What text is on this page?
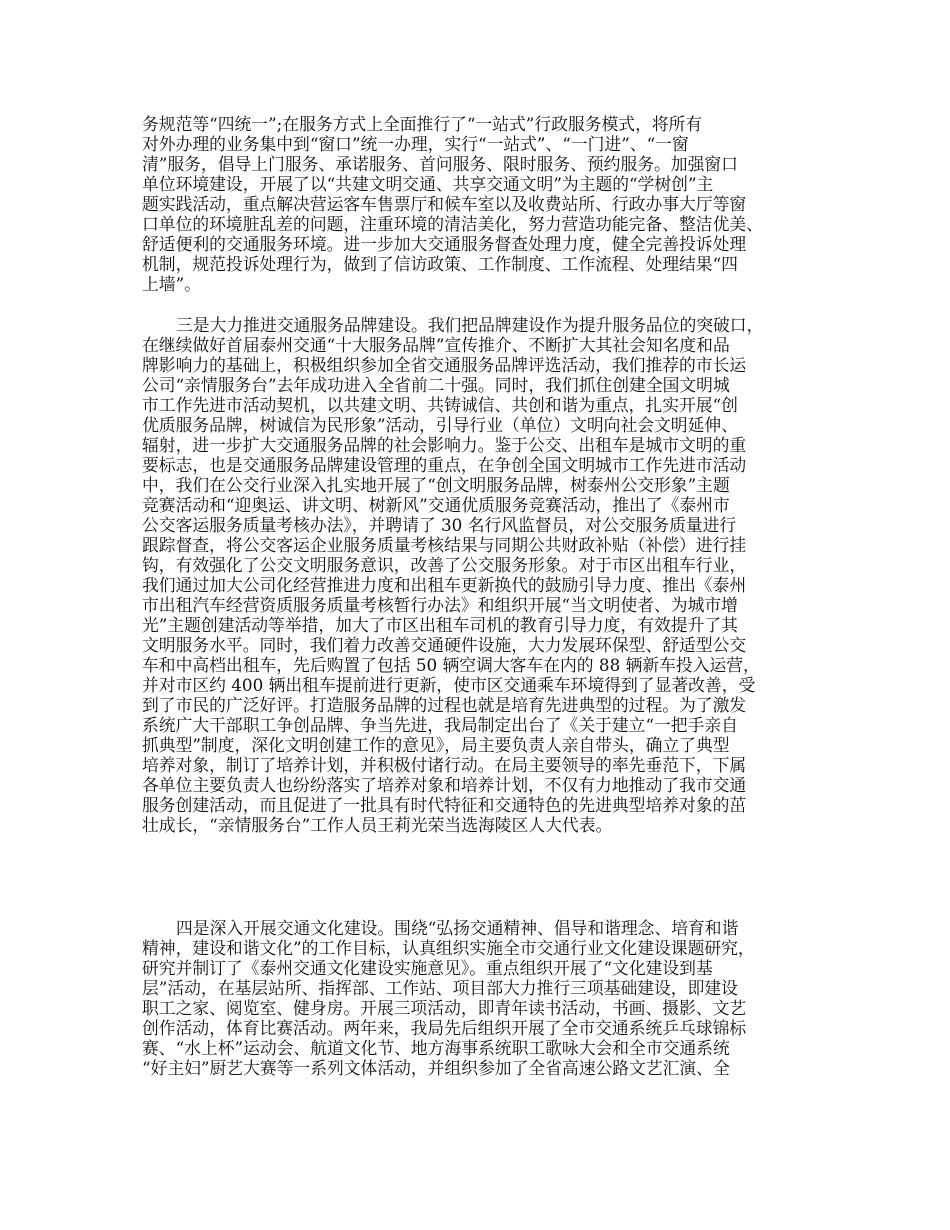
务规范等“四统一”;在服务方式上全面推行了“一站式”行政服务模式，将所有
对外办理的业务集中到“窗口”统一办理，实行“一站式”、“一门进”、“一窗
清”服务，倡导上门服务、承诺服务、首问服务、限时服务、预约服务。加强窗口
单位环境建设，开展了以“共建文明交通、共享交通文明”为主题的“学树创”主
题实践活动，重点解决营运客车售票厅和候车室以及收费站所、行政办事大厅等窗
口单位的环境脏乱差的问题，注重环境的清洁美化，努力营造功能完备、整洁优美、
舒适便利的交通服务环境。进一步加大交通服务督查处理力度，健全完善投诉处理
机制，规范投诉处理行为，做到了信访政策、工作制度、工作流程、处理结果“四
上墙”。
三是大力推进交通服务品牌建设。我们把品牌建设作为提升服务品位的突破口，
在继续做好首届泰州交通“十大服务品牌”宣传推介、不断扩大其社会知名度和品
牌影响力的基础上，积极组织参加全省交通服务品牌评选活动，我们推荐的市长运
公司“亲情服务台”去年成功进入全省前二十强。同时，我们抓住创建全国文明城
市工作先进市活动契机，以共建文明、共铸诚信、共创和谐为重点，扎实开展“创
优质服务品牌，树诚信为民形象”活动，引导行业（单位）文明向社会文明延伸、
辐射，进一步扩大交通服务品牌的社会影响力。鉴于公交、出租车是城市文明的重
要标志，也是交通服务品牌建设管理的重点，在争创全国文明城市工作先进市活动
中，我们在公交行业深入扎实地开展了“创文明服务品牌，树泰州公交形象”主题
竞赛活动和“迎奥运、讲文明、树新风”交通优质服务竞赛活动，推出了《泰州市
公交客运服务质量考核办法》，并聘请了 30 名行风监督员，对公交服务质量进行
跟踪督查，将公交客运企业服务质量考核结果与同期公共财政补贴（补偿）进行挂
钩，有效强化了公交文明服务意识，改善了公交服务形象。对于市区出租车行业，
我们通过加大公司化经营推进力度和出租车更新换代的鼓励引导力度、推出《泰州
市出租汽车经营资质服务质量考核暂行办法》和组织开展“当文明使者、为城市增
光”主题创建活动等举措，加大了市区出租车司机的教育引导力度，有效提升了其
文明服务水平。同时，我们着力改善交通硬件设施，大力发展环保型、舒适型公交
车和中高档出租车，先后购置了包括 50 辆空调大客车在内的 88 辆新车投入运营，
并对市区约 400 辆出租车提前进行更新，使市区交通乘车环境得到了显著改善，受
到了市民的广泛好评。打造服务品牌的过程也就是培育先进典型的过程。为了激发
系统广大干部职工争创品牌、争当先进，我局制定出台了《关于建立“一把手亲自
抓典型”制度，深化文明创建工作的意见》，局主要负责人亲自带头，确立了典型
培养对象，制订了培养计划，并积极付诸行动。在局主要领导的率先垂范下，下属
各单位主要负责人也纷纷落实了培养对象和培养计划，不仅有力地推动了我市交通
服务创建活动，而且促进了一批具有时代特征和交通特色的先进典型培养对象的茁
壮成长，“亲情服务台”工作人员王莉光荣当选海陵区人大代表。
四是深入开展交通文化建设。围绕“弘扬交通精神、倡导和谐理念、培育和谐
精神，建设和谐文化”的工作目标，认真组织实施全市交通行业文化建设课题研究，
研究并制订了《泰州交通文化建设实施意见》。重点组织开展了“文化建设到基
层”活动，在基层站所、指挥部、工作站、项目部大力推行三项基础建设，即建设
职工之家、阅览室、健身房。开展三项活动，即青年读书活动，书画、摄影、文艺
创作活动，体育比赛活动。两年来，我局先后组织开展了全市交通系统乒乓球锦标
赛、“水上杯”运动会、航道文化节、地方海事系统职工歌咏大会和全市交通系统
“好主妇”厨艺大赛等一系列文体活动，并组织参加了全省高速公路文艺汇演、全
